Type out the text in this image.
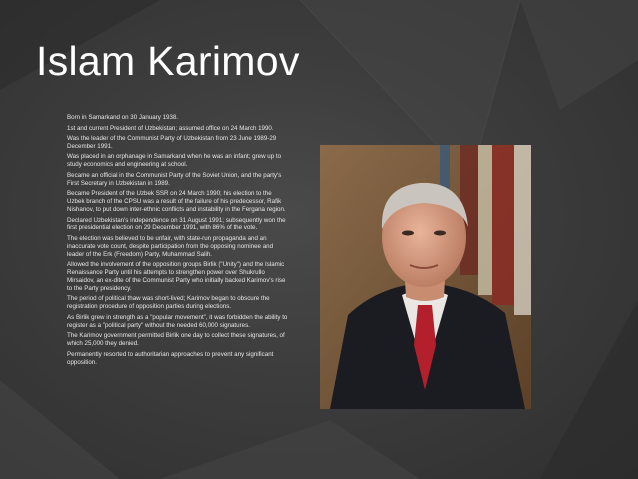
Islam Karimov
Born in Samarkand on 30 January 1938.
1st and current President of Uzbekistan; assumed office on 24 March 1990.
Was the leader of the Communist Party of Uzbekistan from 23 June 1989-29 December 1991.
Was placed in an orphanage in Samarkand when he was an infant; grew up to study economics and engineering at school.
Became an official in the Communist Party of the Soviet Union, and the party's First Secretary in Uzbekistan in 1989.
Became President of the Uzbek SSR on 24 March 1990; his election to the Uzbek branch of the CPSU was a result of the failure of his predecessor, Rafik Nishanov, to put down inter-ethnic conflicts and instability in the Fergana region.
Declared Uzbekistan's independence on 31 August 1991; subsequently won the first presidential election on 29 December 1991, with 86% of the vote.
The election was believed to be unfair, with state-run propaganda and an inaccurate vote count, despite participation from the opposing nominee and leader of the Erk (Freedom) Party, Muhammad Salih.
Allowed the involvement of the opposition groups Birlik ("Unity") and the Islamic Renaissance Party until his attempts to strengthen power over Shukrullo Mirsaidov, an ex-dite of the Communist Party who initially backed Karimov's rise to the Party presidency.
The period of political thaw was short-lived; Karimov began to obscure the registration procedure of opposition parties during elections.
As Birlik grew in strength as a "popular movement", it was forbidden the ability to register as a "political party" without the needed 60,000 signatures.
The Karimov government permitted Birlik one day to collect these signatures, of which 25,000 they denied.
Permanently resorted to authoritarian approaches to prevent any significant opposition.
